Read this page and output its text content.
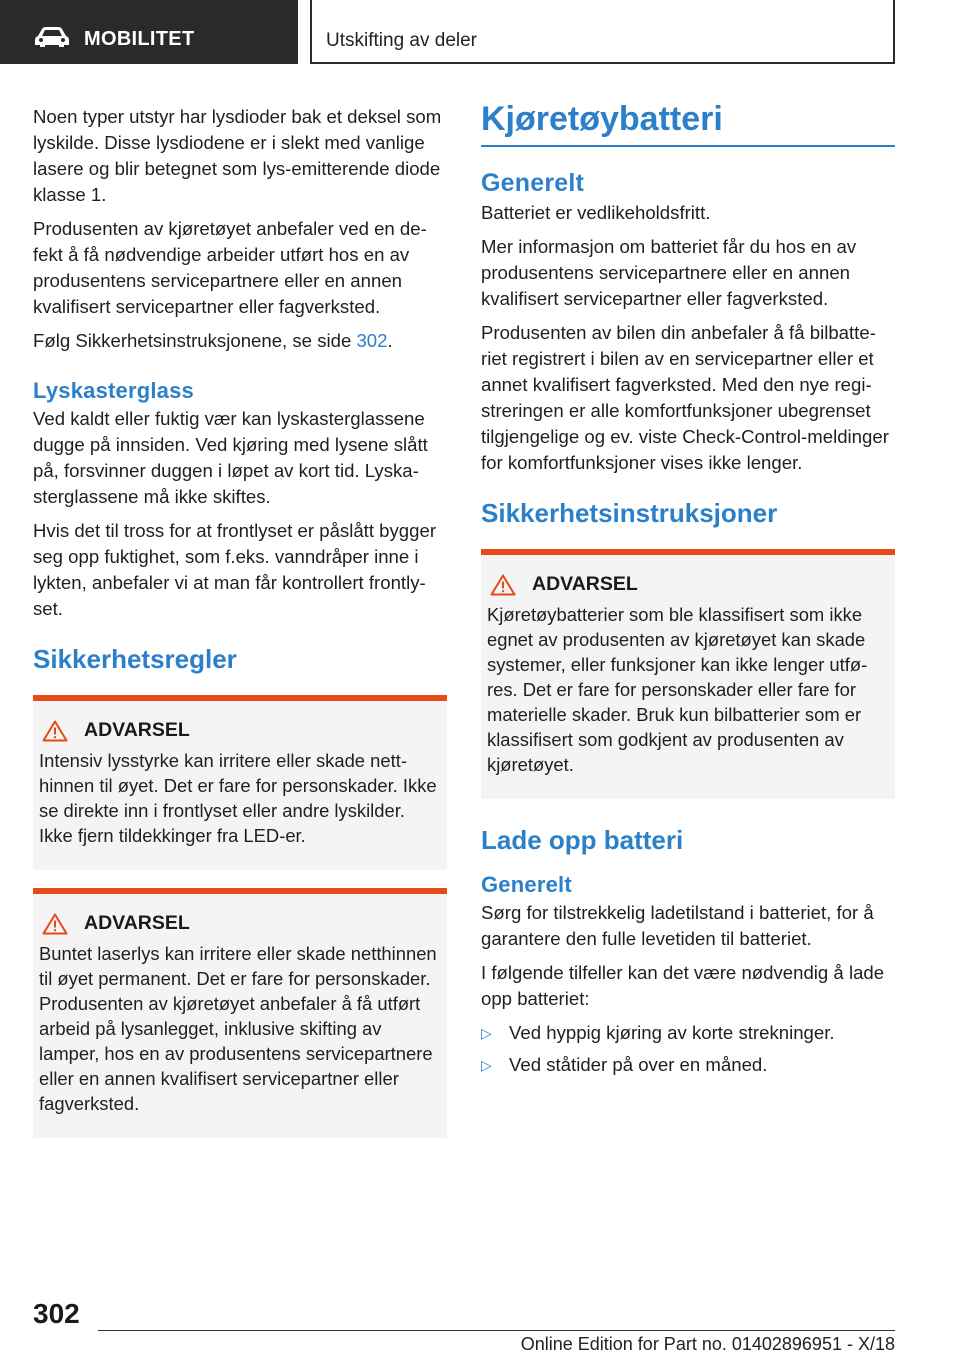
MOBILITET	Utskifting av deler

Noen typer utstyr har lysdioder bak et deksel som lyskilde. Disse lysdiodene er i slekt med vanlige lasere og blir betegnet som lys-emitterende diode klasse 1.

Produsenten av kjøretøyet anbefaler ved en defekt å få nødvendige arbeider utført hos en av produsentens servicepartnere eller en annen kvalifisert servicepartner eller fagverksted.

Følg Sikkerhetsinstruksjonene, se side 302.

Lyskasterglass

Ved kaldt eller fuktig vær kan lyskasterglassene dugge på innsiden. Ved kjøring med lysene slått på, forsvinner duggen i løpet av kort tid. Lyskasterglassene må ikke skiftes.

Hvis det til tross for at frontlyset er påslått bygger seg opp fuktighet, som f.eks. vanndråper inne i lykten, anbefaler vi at man får kontrollert frontlyset.

Sikkerhetsregler
ADVARSEL

Intensiv lysstyrke kan irritere eller skade netthinnen til øyet. Det er fare for personskader. Ikke se direkte inn i frontlyset eller andre lyskilder. Ikke fjern tildekkinger fra LED-er.

ADVARSEL

Buntet laserlys kan irritere eller skade netthinnen til øyet permanent. Det er fare for personskader. Produsenten av kjøretøyet anbefaler å få utført arbeid på lysanlegget, inklusive skifting av lamper, hos en av produsentens servicepartnere eller en annen kvalifisert servicepartner eller fagverksted.

Kjøretøybatteri
Generelt

Batteriet er vedlikeholdsfritt.

Mer informasjon om batteriet får du hos en av produsentens servicepartnere eller en annen kvalifisert servicepartner eller fagverksted.

Produsenten av bilen din anbefaler å få bilbatteriet registrert i bilen av en servicepartner eller et annet kvalifisert fagverksted. Med den nye registreringen er alle komfortfunksjoner ubegrenset tilgjengelige og ev. viste Check-Control-meldinger for komfortfunksjoner vises ikke lenger.

Sikkerhetsinstruksjoner
ADVARSEL

Kjøretøybatterier som ble klassifisert som ikke egnet av produsenten av kjøretøyet kan skade systemer, eller funksjoner kan ikke lenger utføres. Det er fare for personskader eller fare for materielle skader. Bruk kun bilbatterier som er klassifisert som godkjent av produsenten av kjøretøyet.

Lade opp batteri
Generelt

Sørg for tilstrekkelig ladetilstand i batteriet, for å garantere den fulle levetiden til batteriet.

I følgende tilfeller kan det være nødvendig å lade opp batteriet:

▷ Ved hyppig kjøring av korte strekninger.
▷ Ved ståtider på over en måned.
302
Online Edition for Part no. 01402896951 - X/18
